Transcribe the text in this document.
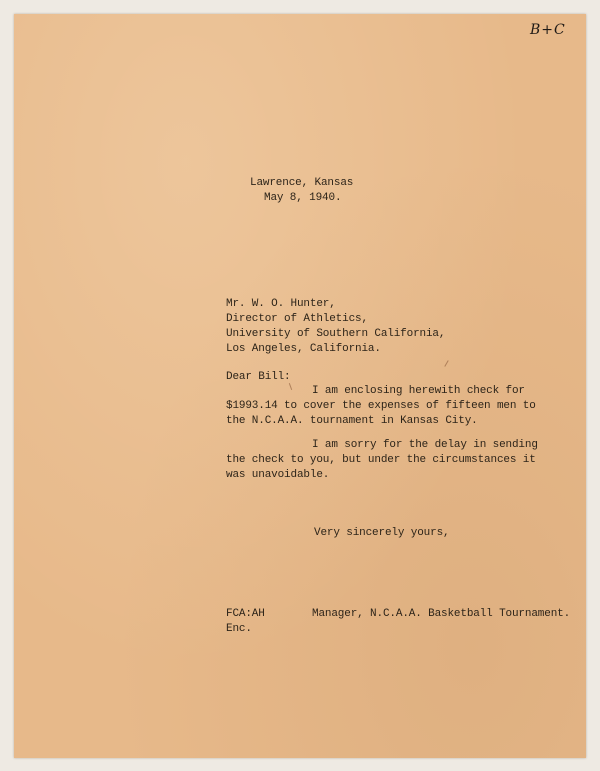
B+C
Lawrence, Kansas
May 8, 1940.
Mr. W. O. Hunter,
Director of Athletics,
University of Southern California,
Los Angeles, California.
Dear Bill:
I am enclosing herewith check for
$1993.14 to cover the expenses of fifteen men to
the N.C.A.A. tournament in Kansas City.
I am sorry for the delay in sending
the check to you, but under the circumstances it
was unavoidable.
Very sincerely yours,
FCA:AH
Enc.
Manager, N.C.A.A. Basketball Tournament.
